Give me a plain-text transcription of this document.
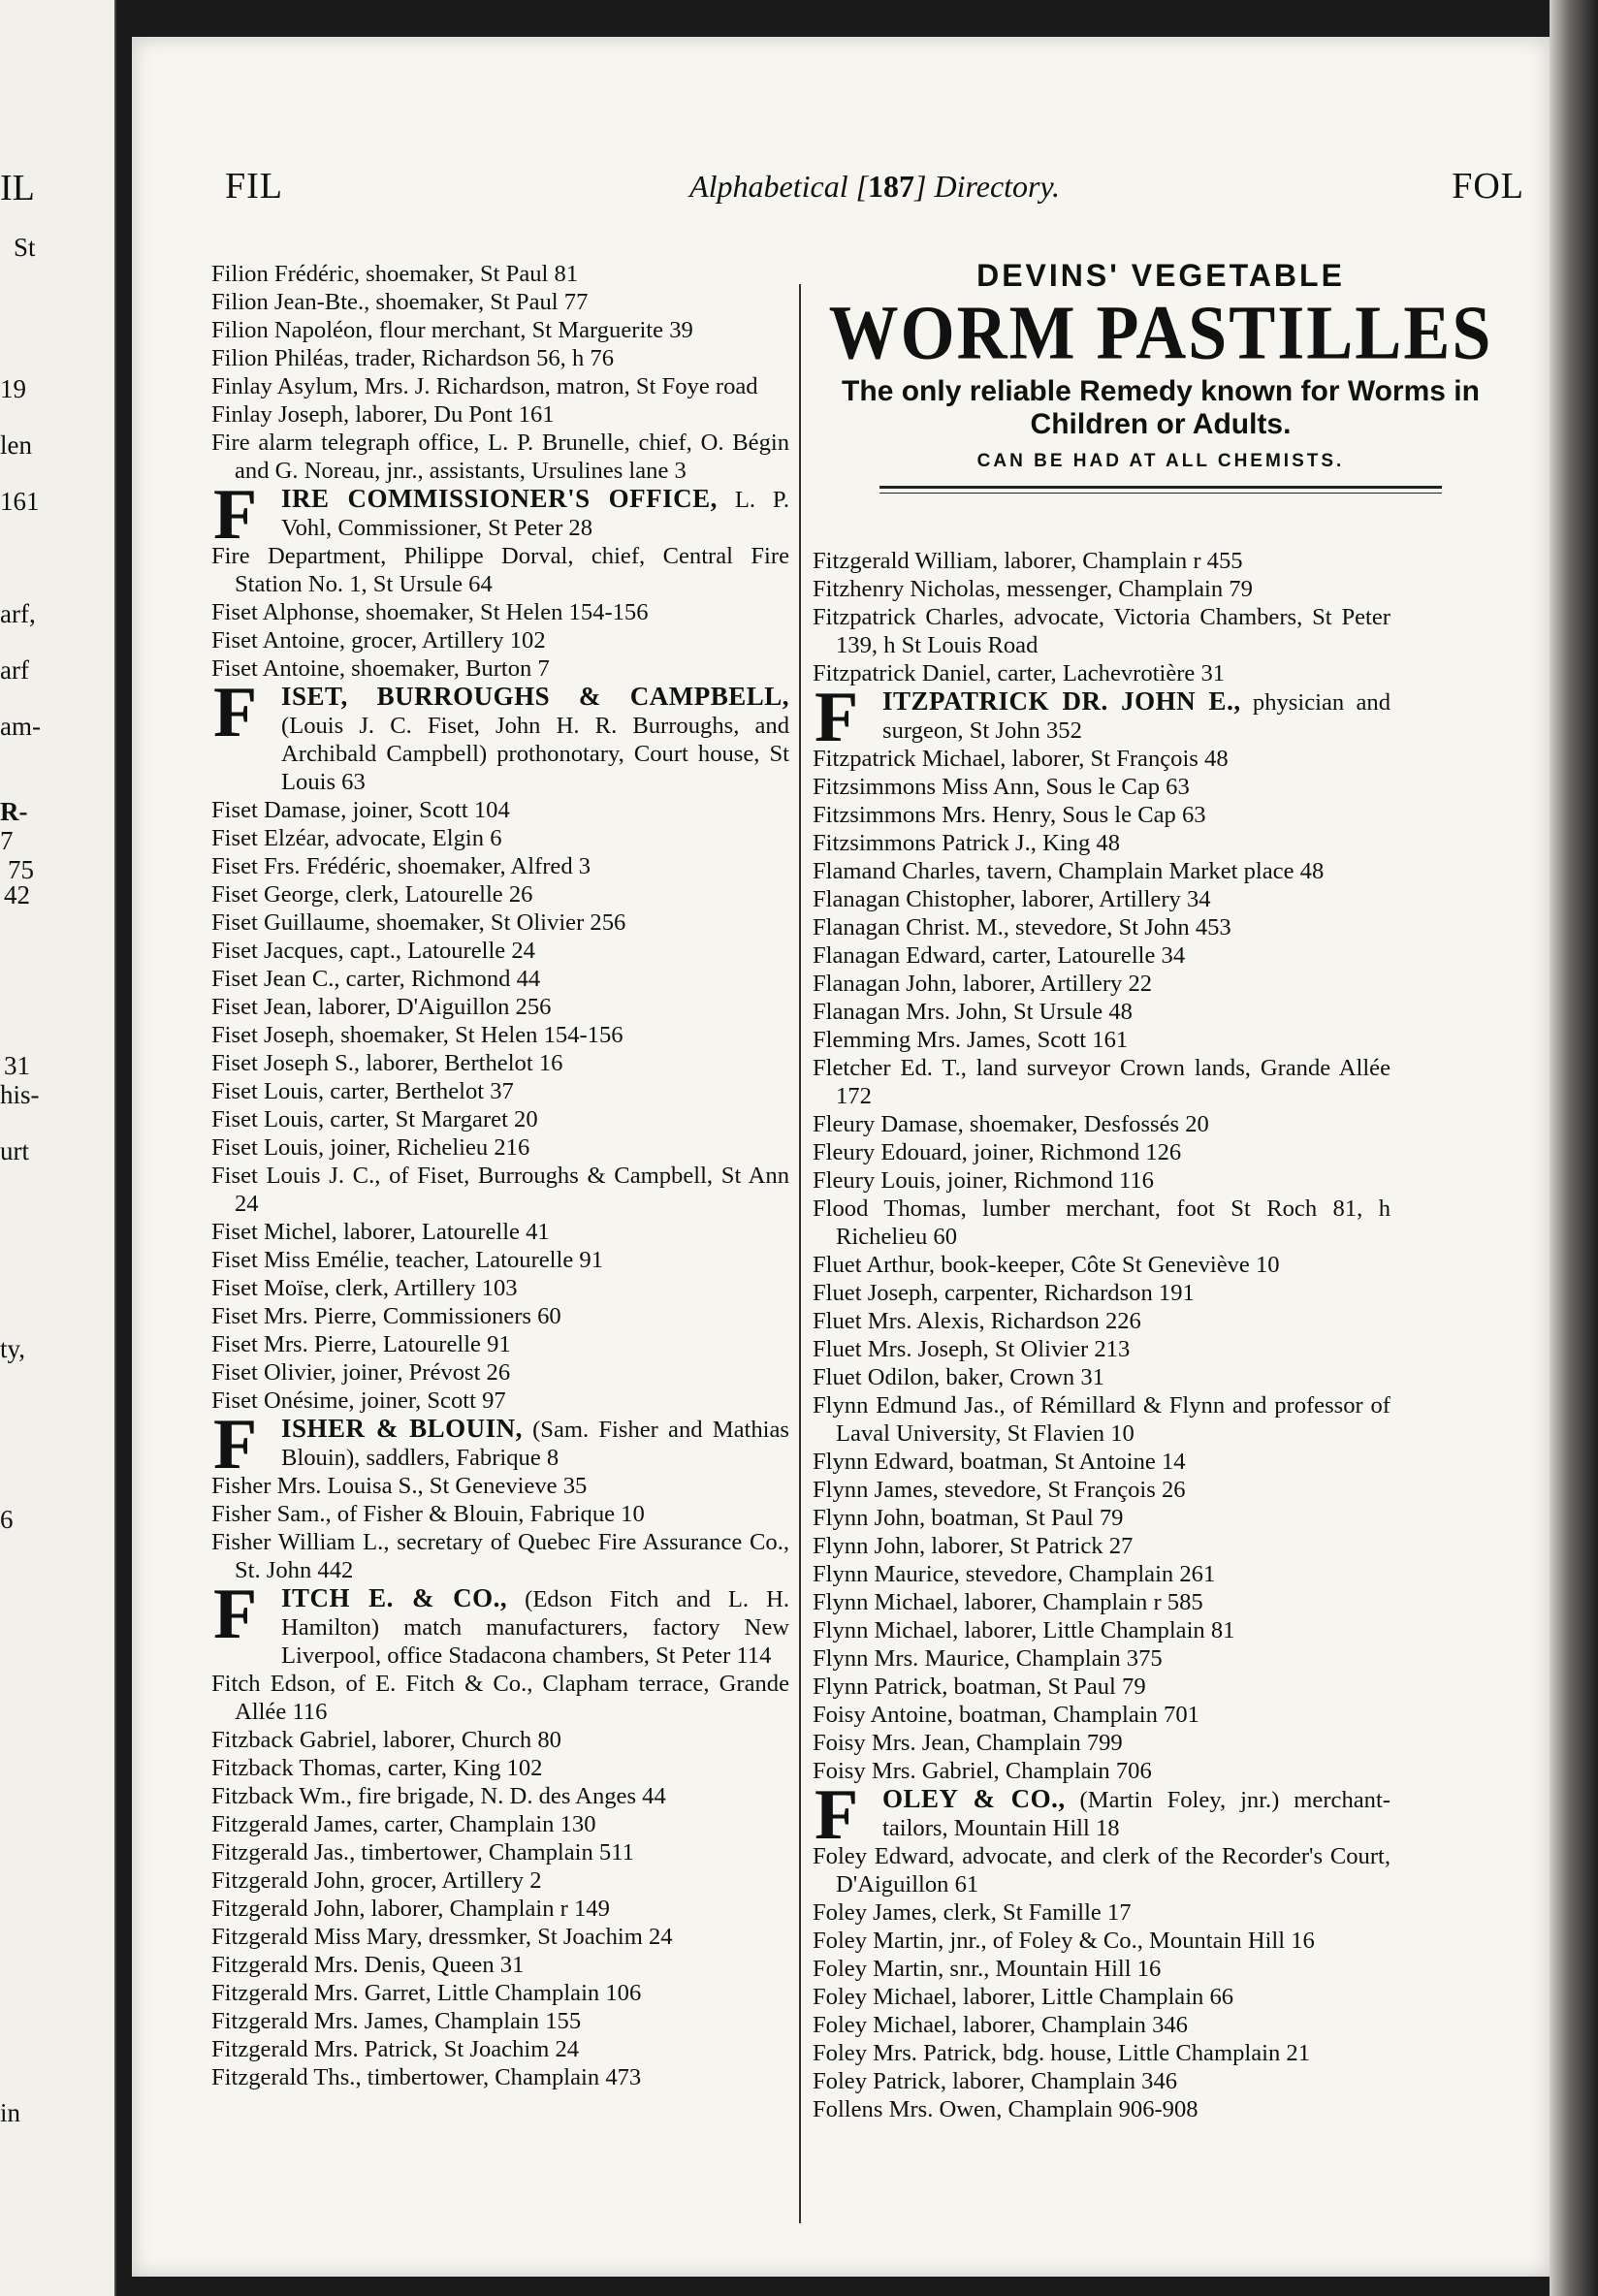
IL
St
19
len
161
arf,
arf
am-
R-
7
75
42
31
his-
urt
ty,
6
in
FIL	Alphabetical [187] Directory.	FOL
DEVINS' VEGETABLE
WORM PASTILLES
The only reliable Remedy known for Worms in Children or Adults.
CAN BE HAD AT ALL CHEMISTS.
Filion Frédéric, shoemaker, St Paul 81
Filion Jean-Bte., shoemaker, St Paul 77
Filion Napoléon, flour merchant, St Marguerite 39
Filion Philéas, trader, Richardson 56, h 76
Finlay Asylum, Mrs. J. Richardson, matron, St Foye road
Finlay Joseph, laborer, Du Pont 161
Fire alarm telegraph office, L. P. Brunelle, chief, O. Bégin and G. Noreau, jnr., assistants, Ursulines lane 3
F IRE COMMISSIONER'S OFFICE, L. P. Vohl, Commissioner, St Peter 28
Fire Department, Philippe Dorval, chief, Central Fire Station No. 1, St Ursule 64
Fiset Alphonse, shoemaker, St Helen 154-156
Fiset Antoine, grocer, Artillery 102
Fiset Antoine, shoemaker, Burton 7
F ISET, BURROUGHS & CAMPBELL, (Louis J. C. Fiset, John H. R. Burroughs, and Archibald Campbell) prothonotary, Court house, St Louis 63
Fiset Damase, joiner, Scott 104
Fiset Elzéar, advocate, Elgin 6
Fiset Frs. Frédéric, shoemaker, Alfred 3
Fiset George, clerk, Latourelle 26
Fiset Guillaume, shoemaker, St Olivier 256
Fiset Jacques, capt., Latourelle 24
Fiset Jean C., carter, Richmond 44
Fiset Jean, laborer, D'Aiguillon 256
Fiset Joseph, shoemaker, St Helen 154-156
Fiset Joseph S., laborer, Berthelot 16
Fiset Louis, carter, Berthelot 37
Fiset Louis, carter, St Margaret 20
Fiset Louis, joiner, Richelieu 216
Fiset Louis J. C., of Fiset, Burroughs & Campbell, St Ann 24
Fiset Michel, laborer, Latourelle 41
Fiset Miss Emélie, teacher, Latourelle 91
Fiset Moïse, clerk, Artillery 103
Fiset Mrs. Pierre, Commissioners 60
Fiset Mrs. Pierre, Latourelle 91
Fiset Olivier, joiner, Prévost 26
Fiset Onésime, joiner, Scott 97
F ISHER & BLOUIN, (Sam. Fisher and Mathias Blouin), saddlers, Fabrique 8
Fisher Mrs. Louisa S., St Genevieve 35
Fisher Sam., of Fisher & Blouin, Fabrique 10
Fisher William L., secretary of Quebec Fire Assurance Co., St. John 442
F ITCH E. & CO., (Edson Fitch and L. H. Hamilton) match manufacturers, factory New Liverpool, office Stadacona chambers, St Peter 114
Fitch Edson, of E. Fitch & Co., Clapham terrace, Grande Allée 116
Fitzback Gabriel, laborer, Church 80
Fitzback Thomas, carter, King 102
Fitzback Wm., fire brigade, N. D. des Anges 44
Fitzgerald James, carter, Champlain 130
Fitzgerald Jas., timbertower, Champlain 511
Fitzgerald John, grocer, Artillery 2
Fitzgerald John, laborer, Champlain r 149
Fitzgerald Miss Mary, dressmker, St Joachim 24
Fitzgerald Mrs. Denis, Queen 31
Fitzgerald Mrs. Garret, Little Champlain 106
Fitzgerald Mrs. James, Champlain 155
Fitzgerald Mrs. Patrick, St Joachim 24
Fitzgerald Ths., timbertower, Champlain 473
Fitzgerald William, laborer, Champlain r 455
Fitzhenry Nicholas, messenger, Champlain 79
Fitzpatrick Charles, advocate, Victoria Chambers, St Peter 139, h St Louis Road
Fitzpatrick Daniel, carter, Lachevrotière 31
F ITZPATRICK DR. JOHN E., physician and surgeon, St John 352
Fitzpatrick Michael, laborer, St François 48
Fitzsimmons Miss Ann, Sous le Cap 63
Fitzsimmons Mrs. Henry, Sous le Cap 63
Fitzsimmons Patrick J., King 48
Flamand Charles, tavern, Champlain Market place 48
Flanagan Chistopher, laborer, Artillery 34
Flanagan Christ. M., stevedore, St John 453
Flanagan Edward, carter, Latourelle 34
Flanagan John, laborer, Artillery 22
Flanagan Mrs. John, St Ursule 48
Flemming Mrs. James, Scott 161
Fletcher Ed. T., land surveyor Crown lands, Grande Allée 172
Fleury Damase, shoemaker, Desfossés 20
Fleury Edouard, joiner, Richmond 126
Fleury Louis, joiner, Richmond 116
Flood Thomas, lumber merchant, foot St Roch 81, h Richelieu 60
Fluet Arthur, book-keeper, Côte St Geneviève 10
Fluet Joseph, carpenter, Richardson 191
Fluet Mrs. Alexis, Richardson 226
Fluet Mrs. Joseph, St Olivier 213
Fluet Odilon, baker, Crown 31
Flynn Edmund Jas., of Rémillard & Flynn and professor of Laval University, St Flavien 10
Flynn Edward, boatman, St Antoine 14
Flynn James, stevedore, St François 26
Flynn John, boatman, St Paul 79
Flynn John, laborer, St Patrick 27
Flynn Maurice, stevedore, Champlain 261
Flynn Michael, laborer, Champlain r 585
Flynn Michael, laborer, Little Champlain 81
Flynn Mrs. Maurice, Champlain 375
Flynn Patrick, boatman, St Paul 79
Foisy Antoine, boatman, Champlain 701
Foisy Mrs. Jean, Champlain 799
Foisy Mrs. Gabriel, Champlain 706
F OLEY & CO., (Martin Foley, jnr.) merchant-tailors, Mountain Hill 18
Foley Edward, advocate, and clerk of the Recorder's Court, D'Aiguillon 61
Foley James, clerk, St Famille 17
Foley Martin, jnr., of Foley & Co., Mountain Hill 16
Foley Martin, snr., Mountain Hill 16
Foley Michael, laborer, Little Champlain 66
Foley Michael, laborer, Champlain 346
Foley Mrs. Patrick, bdg. house, Little Champlain 21
Foley Patrick, laborer, Champlain 346
Follens Mrs. Owen, Champlain 906-908
